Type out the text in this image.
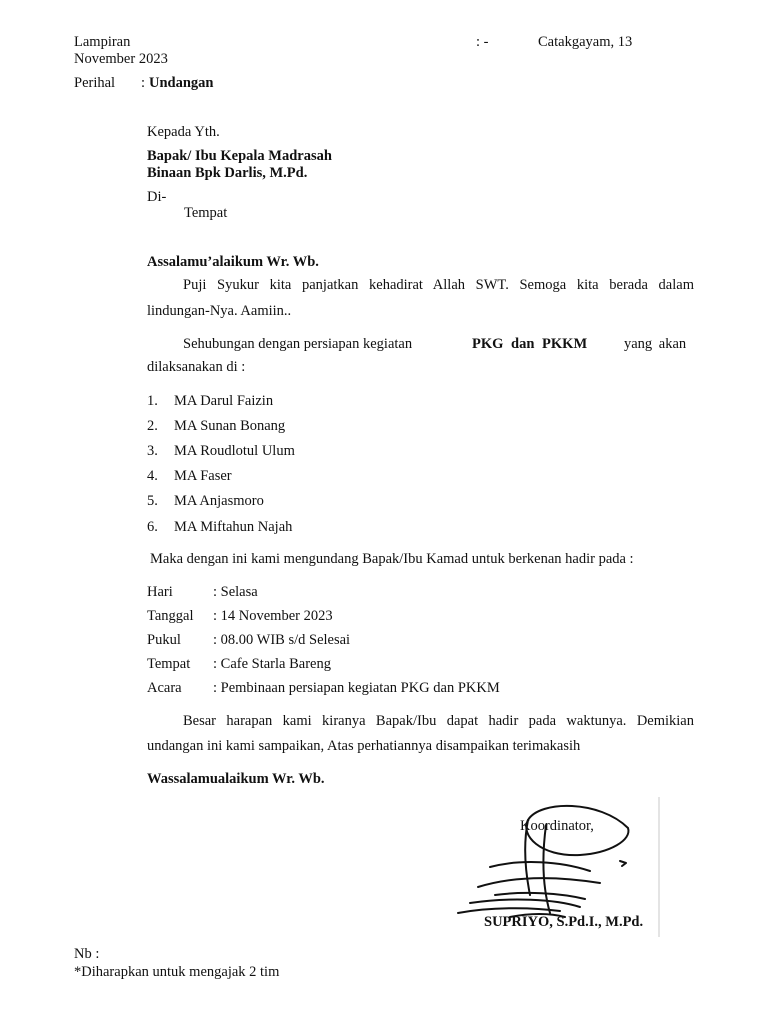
Lampiran	: -	Catakgayam, 13
November 2023
Perihal : Undangan
Kepada Yth.
Bapak/ Ibu Kepala Madrasah
Binaan Bpk Darlis, M.Pd.
Di-
Tempat
Assalamu’alaikum Wr. Wb.
Puji Syukur kita panjatkan kehadirat Allah SWT. Semoga kita berada dalam
lindungan-Nya. Aamiin..
Sehubungan dengan persiapan kegiatan	PKG dan PKKM	yang akan
dilaksanakan di :
1. MA Darul Faizin
2. MA Sunan Bonang
3. MA Roudlotul Ulum
4. MA Faser
5. MA Anjasmoro
6. MA Miftahun Najah
Maka dengan ini kami mengundang Bapak/Ibu Kamad untuk berkenan hadir pada :
Hari	: Selasa
Tanggal : 14 November 2023
Pukul : 08.00 WIB s/d Selesai
Tempat : Cafe Starla Bareng
Acara : Pembinaan persiapan kegiatan PKG dan PKKM
Besar harapan kami kiranya Bapak/Ibu dapat hadir pada waktunya. Demikian
undangan ini kami sampaikan, Atas perhatiannya disampaikan terimakasih
Wassalamualaikum Wr. Wb.
Koordinator,
SUPRIYO, S.Pd.I., M.Pd.
Nb :
*Diharapkan untuk mengajak 2 tim
